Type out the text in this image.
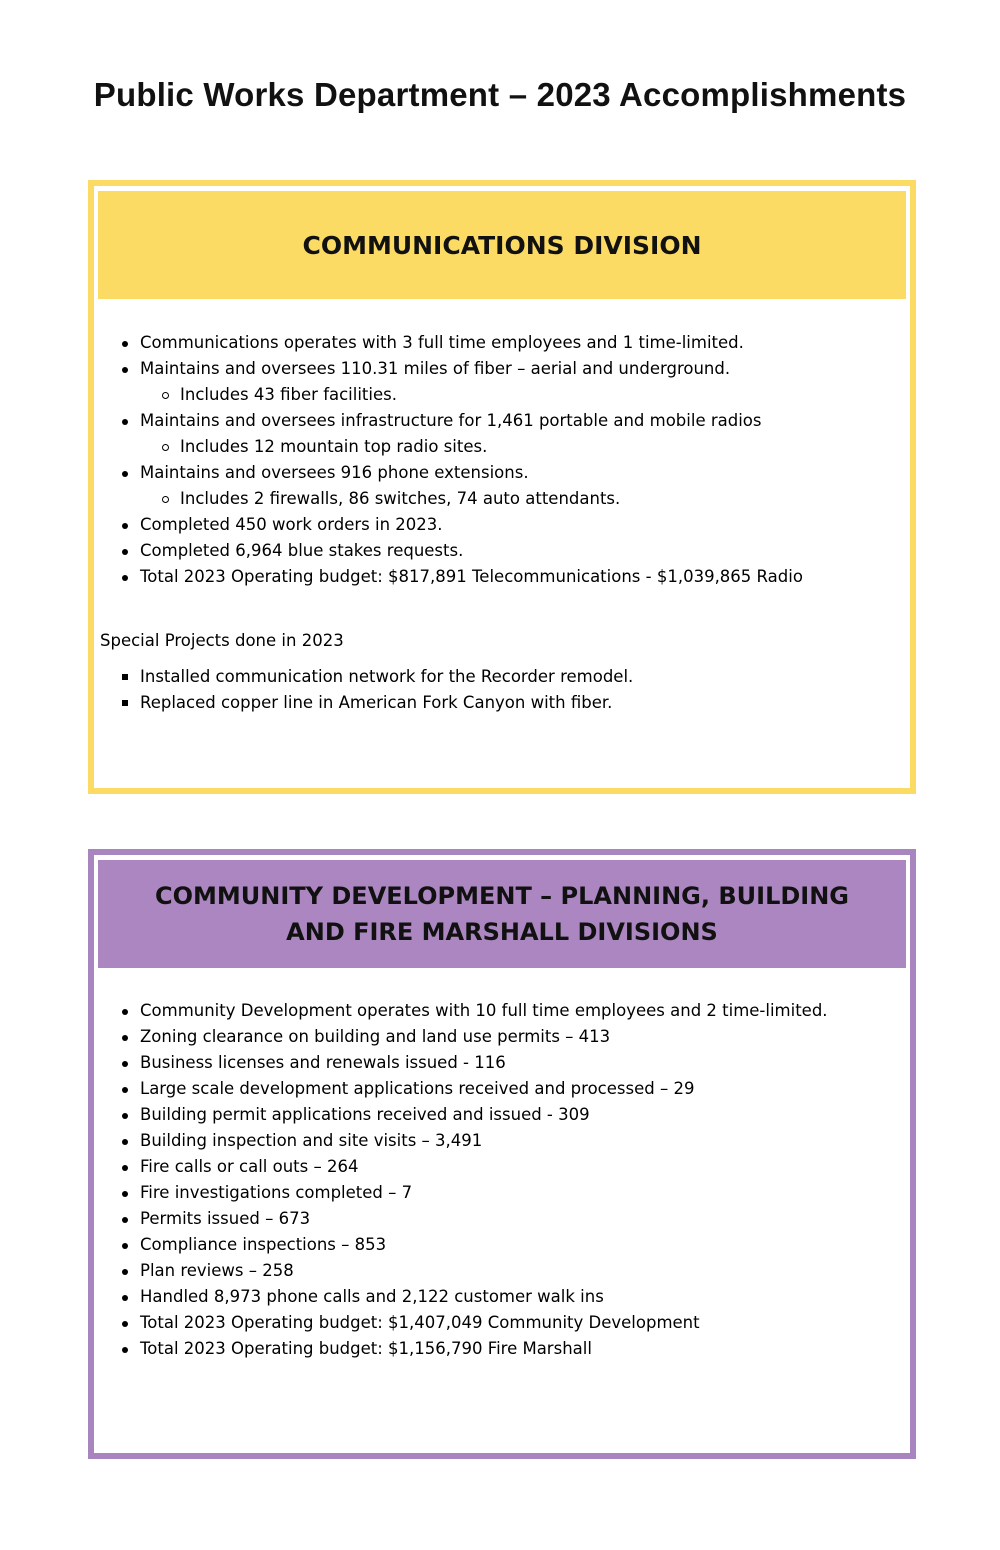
Public Works Department – 2023 Accomplishments
COMMUNICATIONS DIVISION
Communications operates with 3 full time employees and 1 time-limited.
Maintains and oversees 110.31 miles of fiber – aerial and underground.
Includes 43 fiber facilities.
Maintains and oversees infrastructure for 1,461 portable and mobile radios
Includes 12 mountain top radio sites.
Maintains and oversees 916 phone extensions.
Includes 2 firewalls, 86 switches, 74 auto attendants.
Completed 450 work orders in 2023.
Completed 6,964 blue stakes requests.
Total 2023 Operating budget: $817,891 Telecommunications - $1,039,865 Radio
Special Projects done in 2023
Installed communication network for the Recorder remodel.
Replaced copper line in American Fork Canyon with fiber.
COMMUNITY DEVELOPMENT – PLANNING, BUILDING
AND FIRE MARSHALL DIVISIONS
Community Development operates with 10 full time employees and 2 time-limited.
Zoning clearance on building and land use permits – 413
Business licenses and renewals issued - 116
Large scale development applications received and processed – 29
Building permit applications received and issued - 309
Building inspection and site visits – 3,491
Fire calls or call outs – 264
Fire investigations completed – 7
Permits issued – 673
Compliance inspections – 853
Plan reviews – 258
Handled 8,973 phone calls and 2,122 customer walk ins
Total 2023 Operating budget: $1,407,049 Community Development
Total 2023 Operating budget: $1,156,790 Fire Marshall
